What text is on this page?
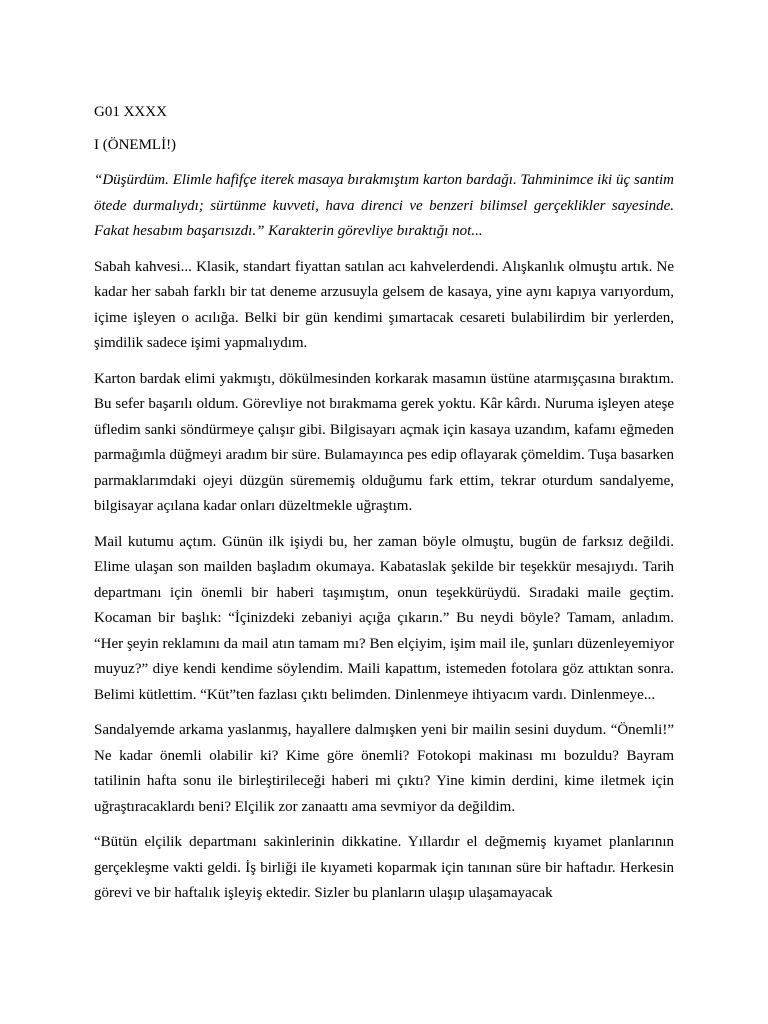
G01 XXXX

I (ÖNEMLİ!)

“Düşürdüm. Elimle hafifçe iterek masaya bırakmıştım karton bardağı. Tahminimce iki üç santim ötede durmalıydı; sürtünme kuvveti, hava direnci ve benzeri bilimsel gerçeklikler sayesinde. Fakat hesabım başarısızdı.” Karakterin görevliye bıraktığı not...

Sabah kahvesi... Klasik, standart fiyattan satılan acı kahvelerdendi. Alışkanlık olmuştu artık. Ne kadar her sabah farklı bir tat deneme arzusuyla gelsem de kasaya, yine aynı kapıya varıyordum, içime işleyen o acılığa. Belki bir gün kendimi şımartacak cesareti bulabilirdim bir yerlerden, şimdilik sadece işimi yapmalıydım.

Karton bardak elimi yakmıştı, dökülmesinden korkarak masamın üstüne atarmışçasına bıraktım. Bu sefer başarılı oldum. Görevliye not bırakmama gerek yoktu. Kâr kârdı. Nuruma işleyen ateşe üfledim sanki söndürmeye çalışır gibi. Bilgisayarı açmak için kasaya uzandım, kafamı eğmeden parmağımla düğmeyi aradım bir süre. Bulamayınca pes edip oflayarak çömeldim. Tuşa basarken parmaklarımdaki ojeyi düzgün sürememiş olduğumu fark ettim, tekrar oturdum sandalyeme, bilgisayar açılana kadar onları düzeltmekle uğraştım.

Mail kutumu açtım. Günün ilk işiydi bu, her zaman böyle olmuştu, bugün de farksız değildi. Elime ulaşan son mailden başladım okumaya. Kabataslak şekilde bir teşekkür mesajıydı. Tarih departmanı için önemli bir haberi taşımıştım, onun teşekkürüydü. Sıradaki maile geçtim. Kocaman bir başlık: “İçinizdeki zebaniyi açığa çıkarın.” Bu neydi böyle? Tamam, anladım. “Her şeyin reklamını da mail atın tamam mı? Ben elçiyim, işim mail ile, şunları düzenleyemiyor muyuz?” diye kendi kendime söylendim. Maili kapattım, istemeden fotolara göz attıktan sonra. Belimi kütlettim. “Küt”ten fazlası çıktı belimden. Dinlenmeye ihtiyacım vardı. Dinlenmeye...

Sandalyemde arkama yaslanmış, hayallere dalmışken yeni bir mailin sesini duydum. “Önemli!” Ne kadar önemli olabilir ki? Kime göre önemli? Fotokopi makinası mı bozuldu? Bayram tatilinin hafta sonu ile birleştirileceği haberi mi çıktı? Yine kimin derdini, kime iletmek için uğraştıracaklardı beni? Elçilik zor zanaattı ama sevmiyor da değildim.

“Bütün elçilik departmanı sakinlerinin dikkatine. Yıllardır el değmemiş kıyamet planlarının gerçekleşme vakti geldi. İş birliği ile kıyameti koparmak için tanınan süre bir haftadır. Herkesin görevi ve bir haftalık işleyiş ektedir. Sizler bu planların ulaşıp ulaşamayacak
